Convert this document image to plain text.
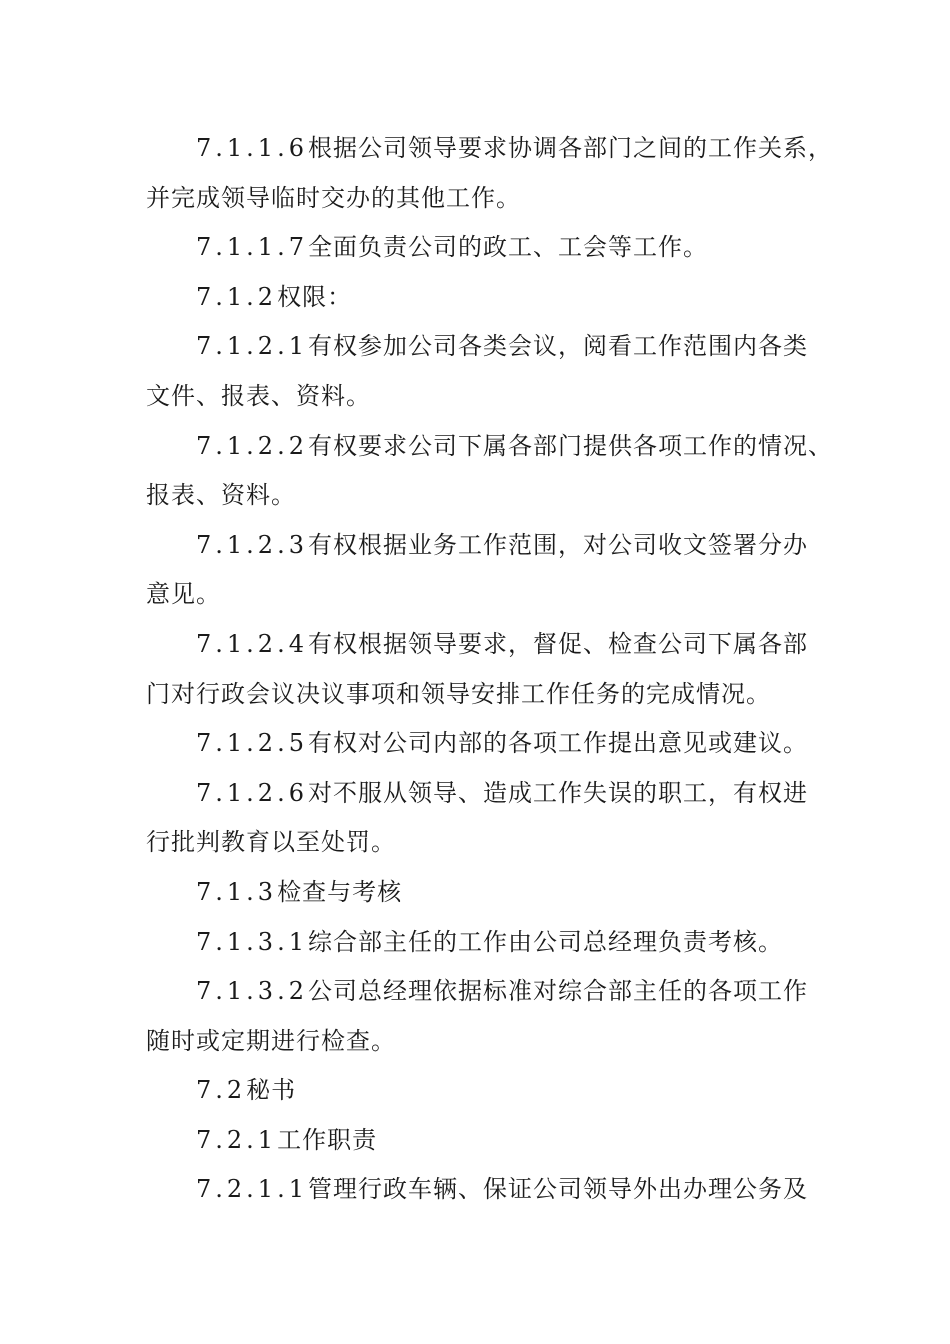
7.1.1.6根据公司领导要求协调各部门之间的工作关系，
并完成领导临时交办的其他工作。
7.1.1.7全面负责公司的政工、工会等工作。
7.1.2权限：
7.1.2.1有权参加公司各类会议，阅看工作范围内各类
文件、报表、资料。
7.1.2.2有权要求公司下属各部门提供各项工作的情况、
报表、资料。
7.1.2.3有权根据业务工作范围，对公司收文签署分办
意见。
7.1.2.4有权根据领导要求，督促、检查公司下属各部
门对行政会议决议事项和领导安排工作任务的完成情况。
7.1.2.5有权对公司内部的各项工作提出意见或建议。
7.1.2.6对不服从领导、造成工作失误的职工，有权进
行批判教育以至处罚。
7.1.3检查与考核
7.1.3.1综合部主任的工作由公司总经理负责考核。
7.1.3.2公司总经理依据标准对综合部主任的各项工作
随时或定期进行检查。
7.2秘书
7.2.1工作职责
7.2.1.1管理行政车辆、保证公司领导外出办理公务及
